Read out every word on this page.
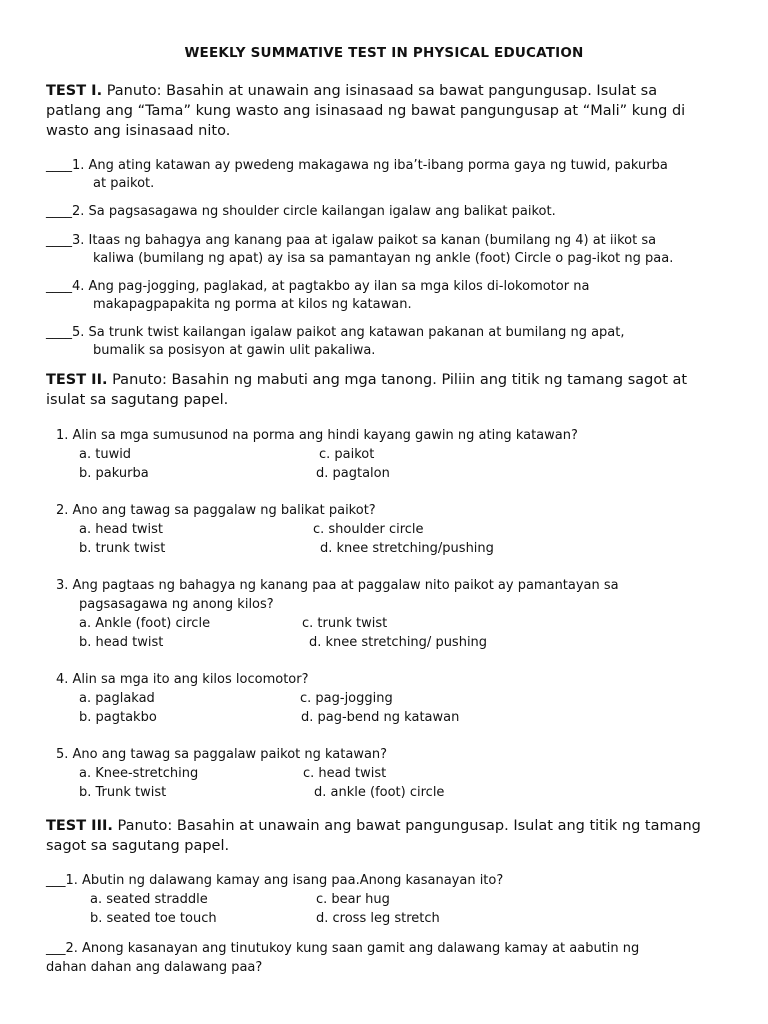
WEEKLY SUMMATIVE TEST IN PHYSICAL EDUCATION
TEST I. Panuto: Basahin at unawain ang isinasaad sa bawat pangungusap. Isulat sa
patlang ang “Tama” kung wasto ang isinasaad ng bawat pangungusap at “Mali” kung di
wasto ang isinasaad nito.
____1. Ang ating katawan ay pwedeng makagawa ng iba’t-ibang porma gaya ng tuwid, pakurba
at paikot.
____2. Sa pagsasagawa ng shoulder circle kailangan igalaw ang balikat paikot.
____3. Itaas ng bahagya ang kanang paa at igalaw paikot sa kanan (bumilang ng 4) at iikot sa
kaliwa (bumilang ng apat) ay isa sa pamantayan ng ankle (foot) Circle o pag-ikot ng paa.
____4. Ang pag-jogging, paglakad, at pagtakbo ay ilan sa mga kilos di-lokomotor na
makapagpapakita ng porma at kilos ng katawan.
____5. Sa trunk twist kailangan igalaw paikot ang katawan pakanan at bumilang ng apat,
bumalik sa posisyon at gawin ulit pakaliwa.
TEST II. Panuto: Basahin ng mabuti ang mga tanong. Piliin ang titik ng tamang sagot at
isulat sa sagutang papel.
1. Alin sa mga sumusunod na porma ang hindi kayang gawin ng ating katawan?
a. tuwid	c. paikot
b. pakurba	d. pagtalon
2. Ano ang tawag sa paggalaw ng balikat paikot?
a. head twist	c. shoulder circle
b. trunk twist	d. knee stretching/pushing
3. Ang pagtaas ng bahagya ng kanang paa at paggalaw nito paikot ay pamantayan sa
pagsasagawa ng anong kilos?
a. Ankle (foot) circle	c. trunk twist
b. head twist	d. knee stretching/ pushing
4. Alin sa mga ito ang kilos locomotor?
a. paglakad	c. pag-jogging
b. pagtakbo	d. pag-bend ng katawan
5. Ano ang tawag sa paggalaw paikot ng katawan?
a. Knee-stretching	c. head twist
b. Trunk twist	d. ankle (foot) circle
TEST III. Panuto: Basahin at unawain ang bawat pangungusap. Isulat ang titik ng tamang
sagot sa sagutang papel.
___1. Abutin ng dalawang kamay ang isang paa.Anong kasanayan ito?
a. seated straddle	c. bear hug
b. seated toe touch	d. cross leg stretch
___2. Anong kasanayan ang tinutukoy kung saan gamit ang dalawang kamay at aabutin ng
dahan dahan ang dalawang paa?
